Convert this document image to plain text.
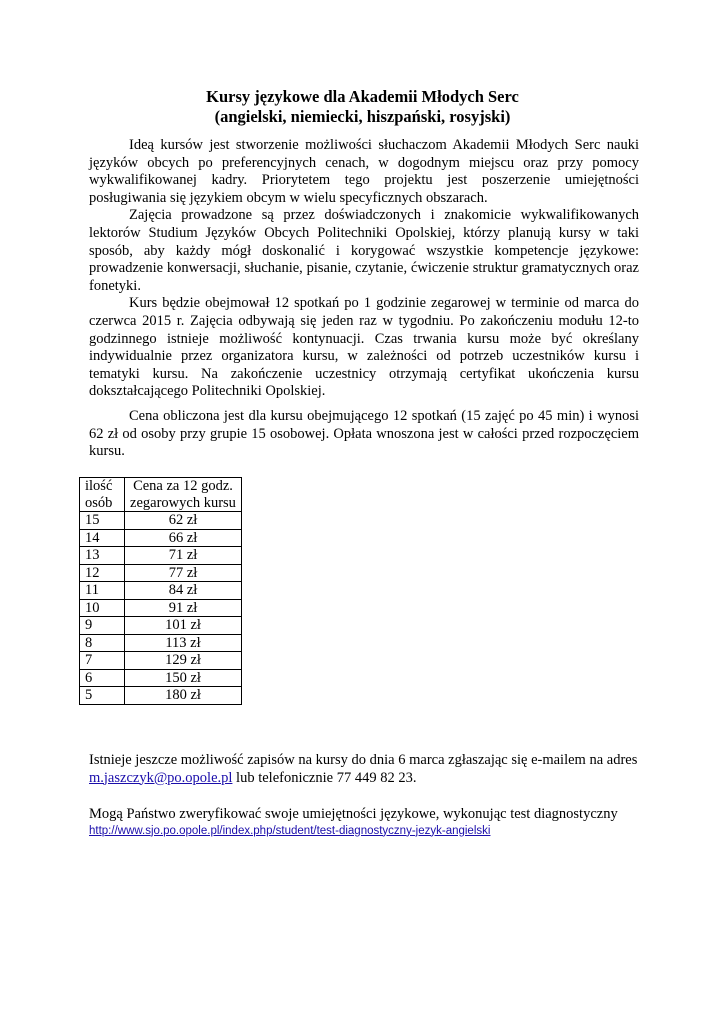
Kursy językowe dla Akademii Młodych Serc
(angielski, niemiecki, hiszpański, rosyjski)

Ideą kursów jest stworzenie możliwości słuchaczom Akademii Młodych Serc nauki języków obcych po preferencyjnych cenach, w dogodnym miejscu oraz przy pomocy wykwalifikowanej kadry. Priorytetem tego projektu jest poszerzenie umiejętności posługiwania się językiem obcym w wielu specyficznych obszarach.

Zajęcia prowadzone są przez doświadczonych i znakomicie wykwalifikowanych lektorów Studium Języków Obcych Politechniki Opolskiej, którzy planują kursy w taki sposób, aby każdy mógł doskonalić i korygować wszystkie kompetencje językowe: prowadzenie konwersacji, słuchanie, pisanie, czytanie, ćwiczenie struktur gramatycznych oraz fonetyki.

Kurs będzie obejmował 12 spotkań po 1 godzinie zegarowej w terminie od marca do czerwca 2015 r. Zajęcia odbywają się jeden raz w tygodniu. Po zakończeniu modułu 12-to godzinnego istnieje możliwość kontynuacji. Czas trwania kursu może być określany indywidualnie przez organizatora kursu, w zależności od potrzeb uczestników kursu i tematyki kursu. Na zakończenie uczestnicy otrzymają certyfikat ukończenia kursu dokształcającego Politechniki Opolskiej.

Cena obliczona jest dla kursu obejmującego 12 spotkań (15 zajęć po 45 min) i wynosi 62 zł od osoby przy grupie 15 osobowej. Opłata wnoszona jest w całości przed rozpoczęciem kursu.

ilość
osób	Cena za 12 godz.
zegarowych kursu
15	62 zł
14	66 zł
13	71 zł
12	77 zł
11	84 zł
10	91 zł
9	101 zł
8	113 zł
7	129 zł
6	150 zł
5	180 zł
Istnieje jeszcze możliwość zapisów na kursy do dnia 6 marca zgłaszając się e-mailem na adres m.jaszczyk@po.opole.pl lub telefonicznie 77 449 82 23.
Mogą Państwo zweryfikować swoje umiejętności językowe, wykonując test diagnostyczny
http://www.sjo.po.opole.pl/index.php/student/test-diagnostyczny-jezyk-angielski
